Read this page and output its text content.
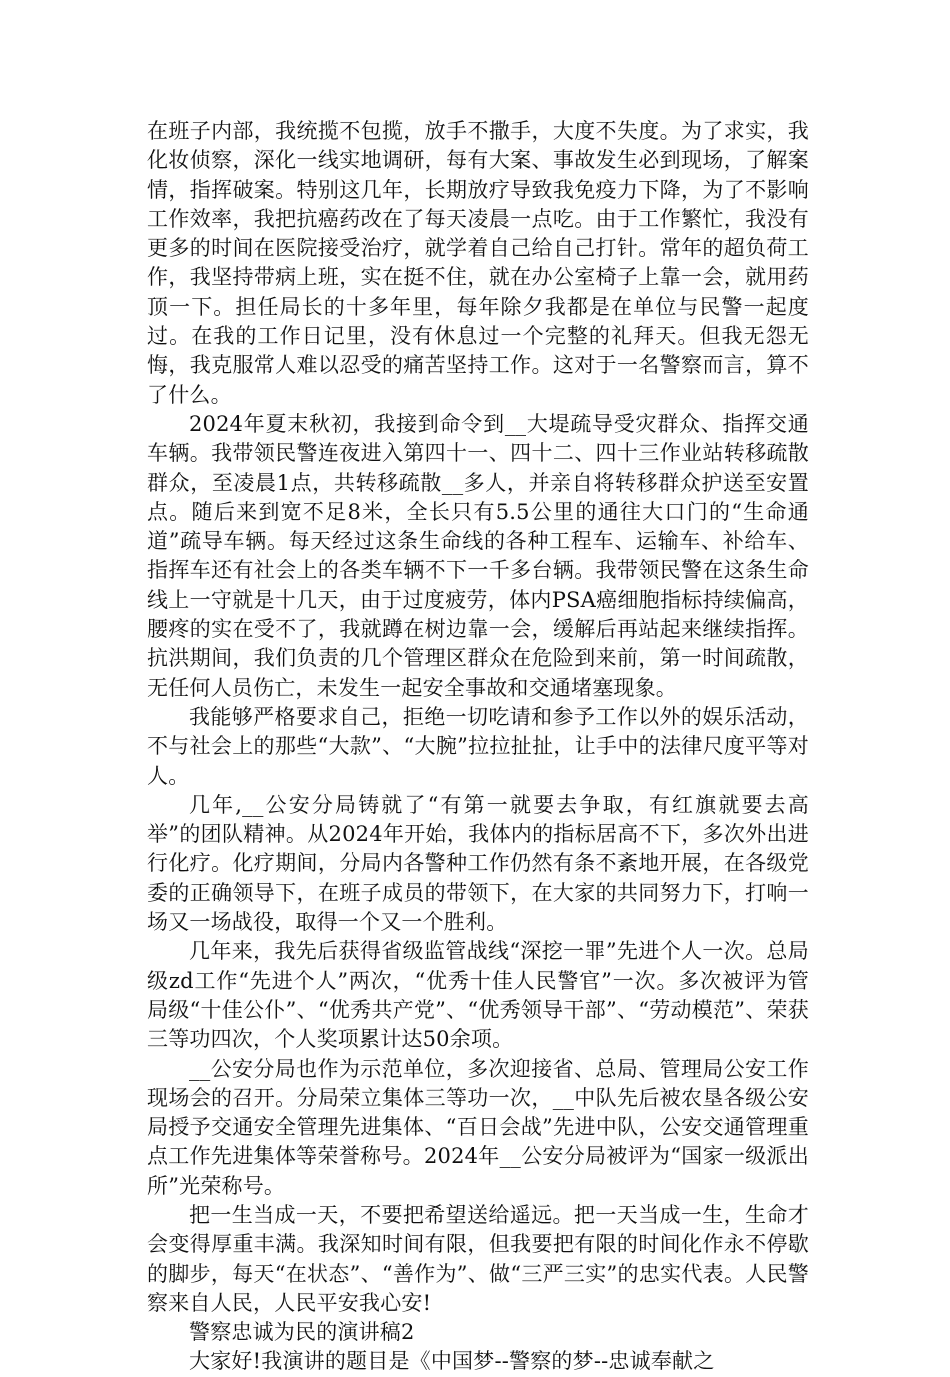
在班子内部，我统揽不包揽，放手不撒手，大度不失度。为了求实，我化妆侦察，深化一线实地调研，每有大案、事故发生必到现场，了解案情，指挥破案。特别这几年，长期放疗导致我免疫力下降，为了不影响工作效率，我把抗癌药改在了每天凌晨一点吃。由于工作繁忙，我没有更多的时间在医院接受治疗，就学着自己给自己打针。常年的超负荷工作，我坚持带病上班，实在挺不住，就在办公室椅子上靠一会，就用药顶一下。担任局长的十多年里，每年除夕我都是在单位与民警一起度过。在我的工作日记里，没有休息过一个完整的礼拜天。但我无怨无悔，我克服常人难以忍受的痛苦坚持工作。这对于一名警察而言，算不了什么。

2024年夏末秋初，我接到命令到__大堤疏导受灾群众、指挥交通车辆。我带领民警连夜进入第四十一、四十二、四十三作业站转移疏散群众，至凌晨1点，共转移疏散__多人，并亲自将转移群众护送至安置点。随后来到宽不足8米，全长只有5.5公里的通往大口门的“生命通道”疏导车辆。每天经过这条生命线的各种工程车、运输车、补给车、指挥车还有社会上的各类车辆不下一千多台辆。我带领民警在这条生命线上一守就是十几天，由于过度疲劳，体内PSA癌细胞指标持续偏高，腰疼的实在受不了，我就蹲在树边靠一会，缓解后再站起来继续指挥。抗洪期间，我们负责的几个管理区群众在危险到来前，第一时间疏散，无任何人员伤亡，未发生一起安全事故和交通堵塞现象。

我能够严格要求自己，拒绝一切吃请和参予工作以外的娱乐活动，不与社会上的那些“大款”、“大腕”拉拉扯扯，让手中的法律尺度平等对人。

几年,__公安分局铸就了“有第一就要去争取，有红旗就要去高举”的团队精神。从2024年开始，我体内的指标居高不下，多次外出进行化疗。化疗期间，分局内各警种工作仍然有条不紊地开展，在各级党委的正确领导下，在班子成员的带领下，在大家的共同努力下，打响一场又一场战役，取得一个又一个胜利。

几年来，我先后获得省级监管战线“深挖一罪”先进个人一次。总局级zd工作“先进个人”两次，“优秀十佳人民警官”一次。多次被评为管局级“十佳公仆”、“优秀共产党”、“优秀领导干部”、“劳动模范”、荣获三等功四次，个人奖项累计达50余项。

__公安分局也作为示范单位，多次迎接省、总局、管理局公安工作现场会的召开。分局荣立集体三等功一次，__中队先后被农垦各级公安局授予交通安全管理先进集体、“百日会战”先进中队，公安交通管理重点工作先进集体等荣誉称号。2024年__公安分局被评为“国家一级派出所”光荣称号。

把一生当成一天，不要把希望送给遥远。把一天当成一生，生命才会变得厚重丰满。我深知时间有限，但我要把有限的时间化作永不停歇的脚步，每天“在状态”、“善作为”、做“三严三实”的忠实代表。人民警察来自人民，人民平安我心安!

警察忠诚为民的演讲稿2

大家好!我演讲的题目是《中国梦--警察的梦--忠诚奉献之
